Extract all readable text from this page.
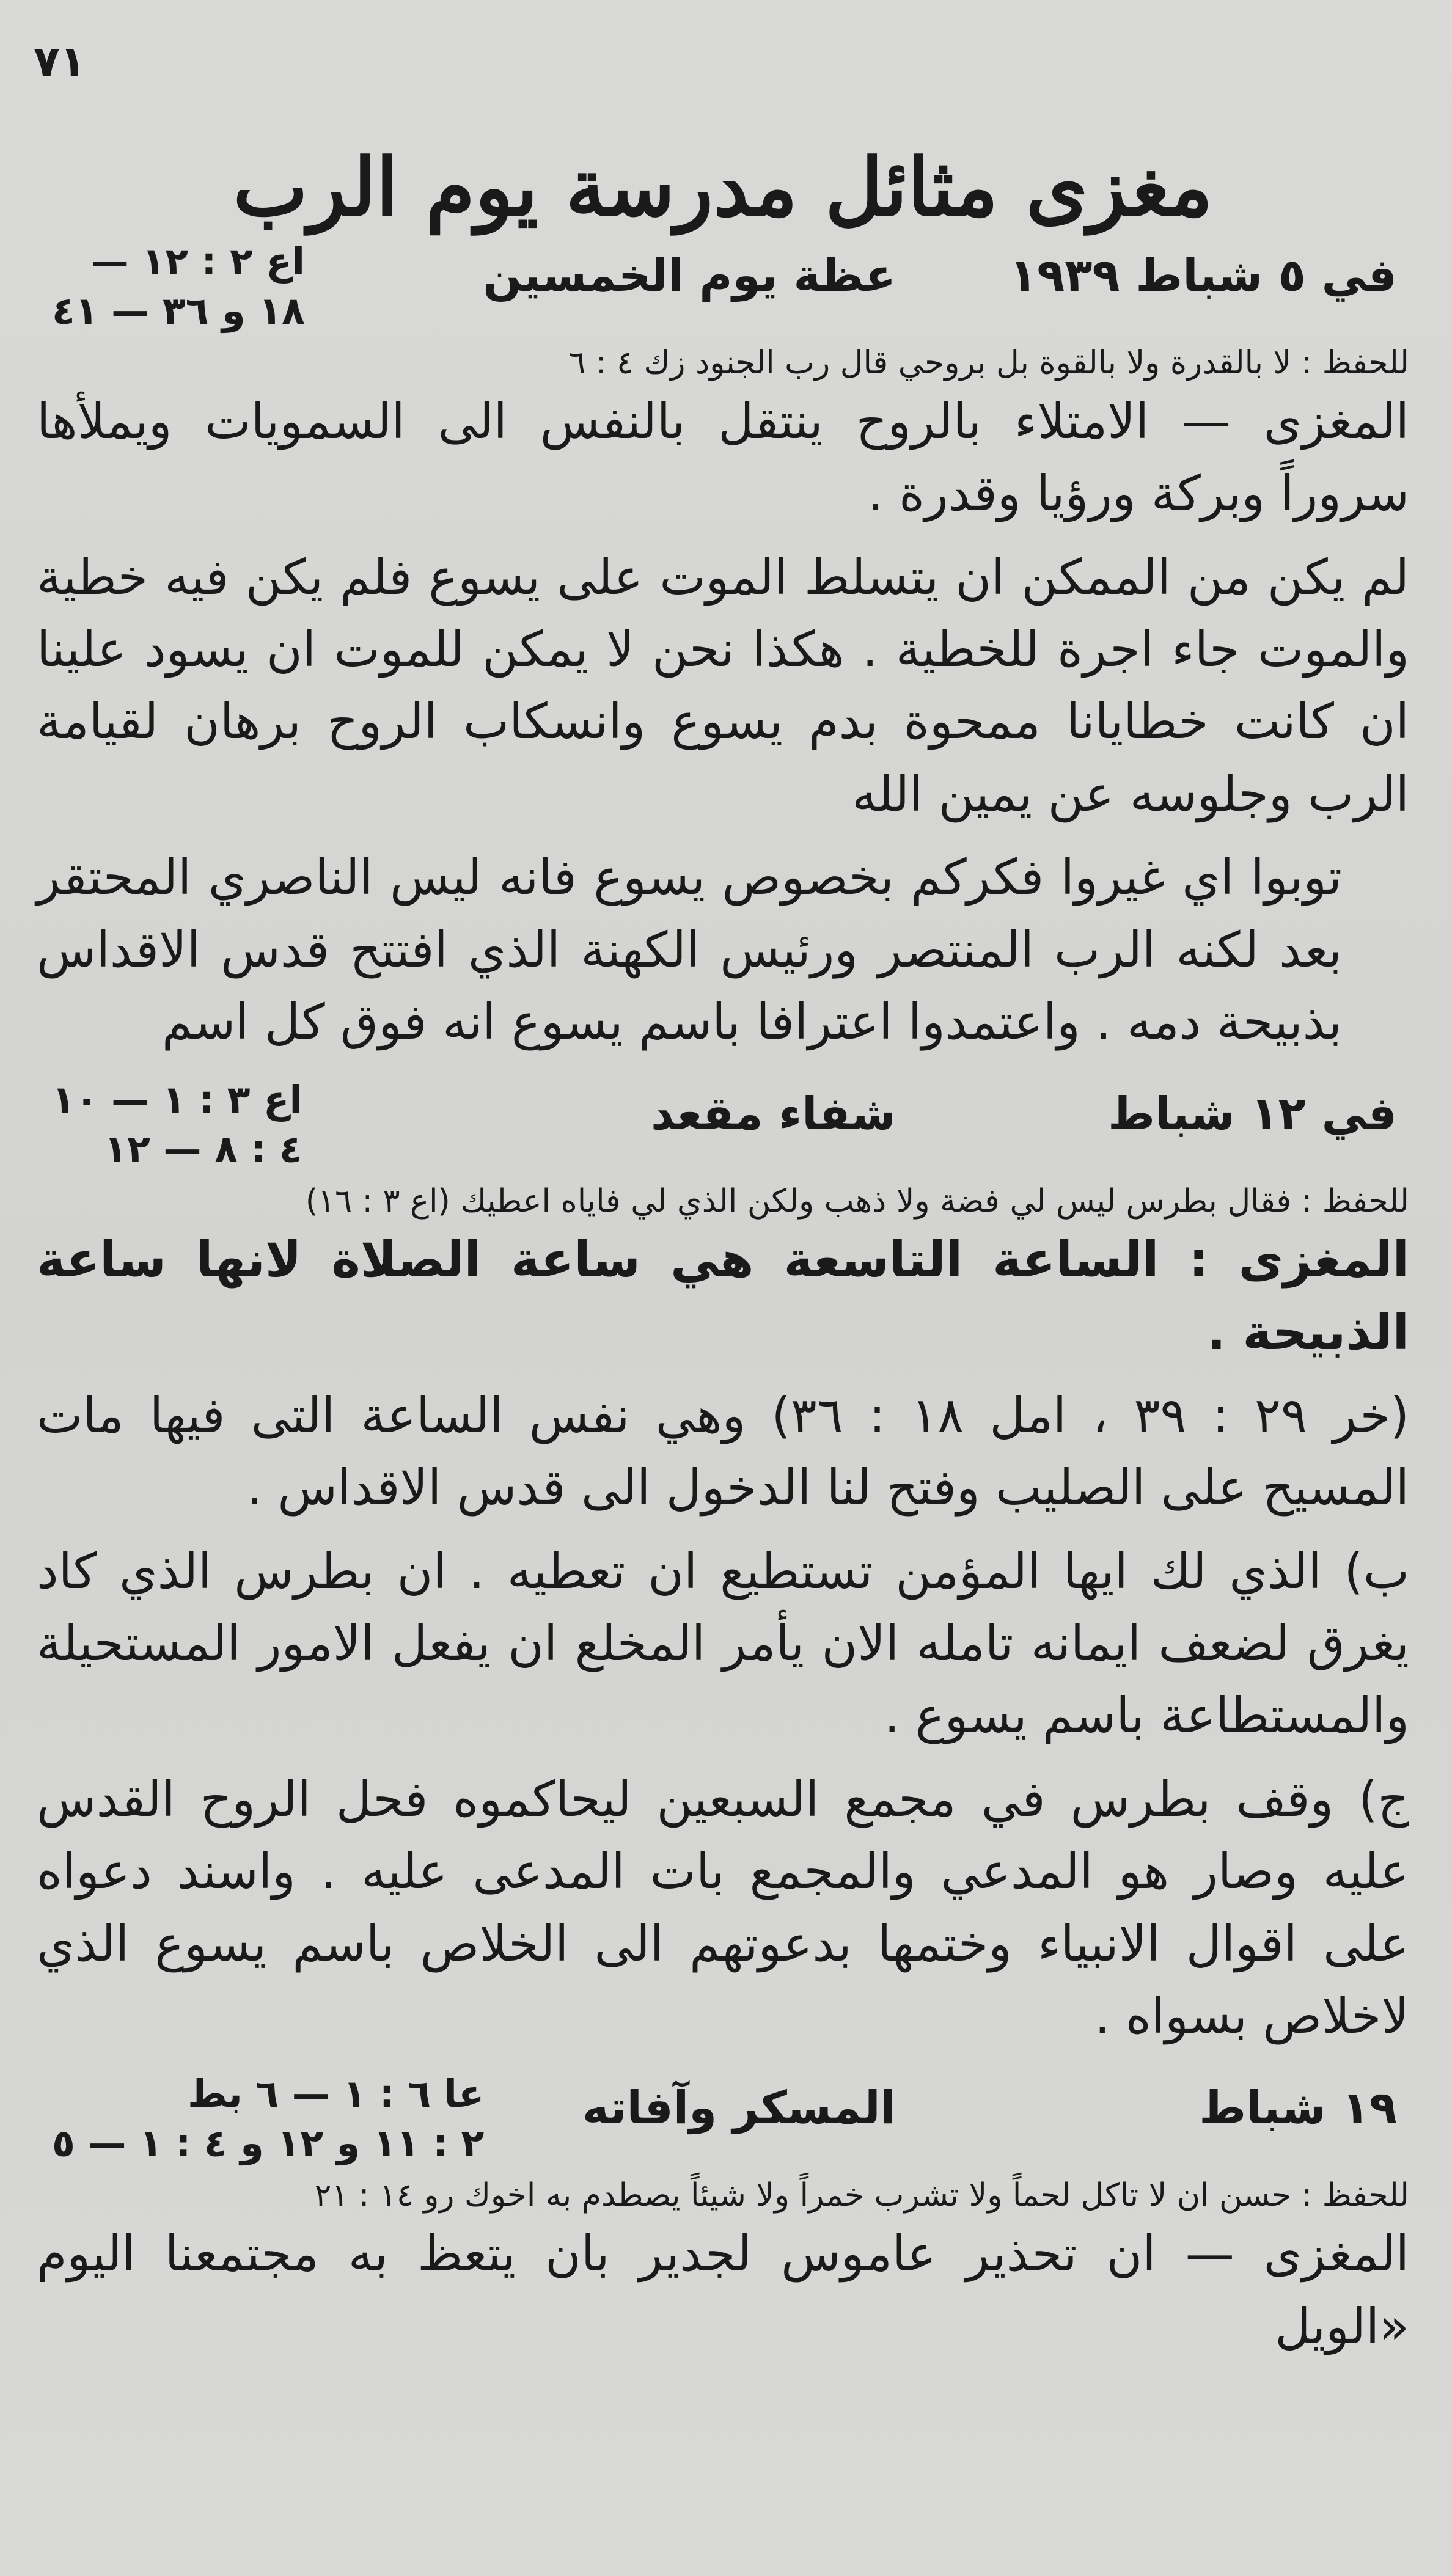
٧١
مغزى مثائل مدرسة يوم الرب
في ٥ شباط ١٩٣٩
عظة يوم الخمسين
اع ٢ : ١٢ —
١٨ و ٣٦ — ٤١
للحفظ : لا بالقدرة ولا بالقوة بل بروحي قال رب الجنود زك ٤ : ٦

المغزى — الامتلاء بالروح ينتقل بالنفس الى السمويات ويملأها سروراً وبركة ورؤيا وقدرة .

لم يكن من الممكن ان يتسلط الموت على يسوع فلم يكن فيه خطية والموت جاء اجرة للخطية . هكذا نحن لا يمكن للموت ان يسود علينا ان كانت خطايانا ممحوة بدم يسوع وانسكاب الروح برهان لقيامة الرب وجلوسه عن يمين الله

توبوا اي غيروا فكركم بخصوص يسوع فانه ليس الناصري المحتقر بعد لكنه الرب المنتصر ورئيس الكهنة الذي افتتح قدس الاقداس بذبيحة دمه . واعتمدوا اعترافا باسم يسوع انه فوق كل اسم

في ١٢ شباط
شفاء مقعد
اع ٣ : ١ — ١٠
٤ : ٨ — ١٢
للحفظ : فقال بطرس ليس لي فضة ولا ذهب ولكن الذي لي فاياه اعطيك (اع ٣ : ١٦)

المغزى : الساعة التاسعة هي ساعة الصلاة لانها ساعة الذبيحة .

(خر ٢٩ : ٣٩ ، امل ١٨ : ٣٦) وهي نفس الساعة التى فيها مات المسيح على الصليب وفتح لنا الدخول الى قدس الاقداس .

ب) الذي لك ايها المؤمن تستطيع ان تعطيه . ان بطرس الذي كاد يغرق لضعف ايمانه تامله الان يأمر المخلع ان يفعل الامور المستحيلة والمستطاعة باسم يسوع .

ج) وقف بطرس في مجمع السبعين ليحاكموه فحل الروح القدس عليه وصار هو المدعي والمجمع بات المدعى عليه . واسند دعواه على اقوال الانبياء وختمها بدعوتهم الى الخلاص باسم يسوع الذي لاخلاص بسواه .

١٩ شباط
المسكر وآفاته
عا ٦ : ١ — ٦ بط
٢ : ١١ و ١٢ و ٤ : ١ — ٥
للحفظ : حسن ان لا تاكل لحماً ولا تشرب خمراً ولا شيئاً يصطدم به اخوك رو ١٤ : ٢١

المغزى — ان تحذير عاموس لجدير بان يتعظ به مجتمعنا اليوم «الويل
